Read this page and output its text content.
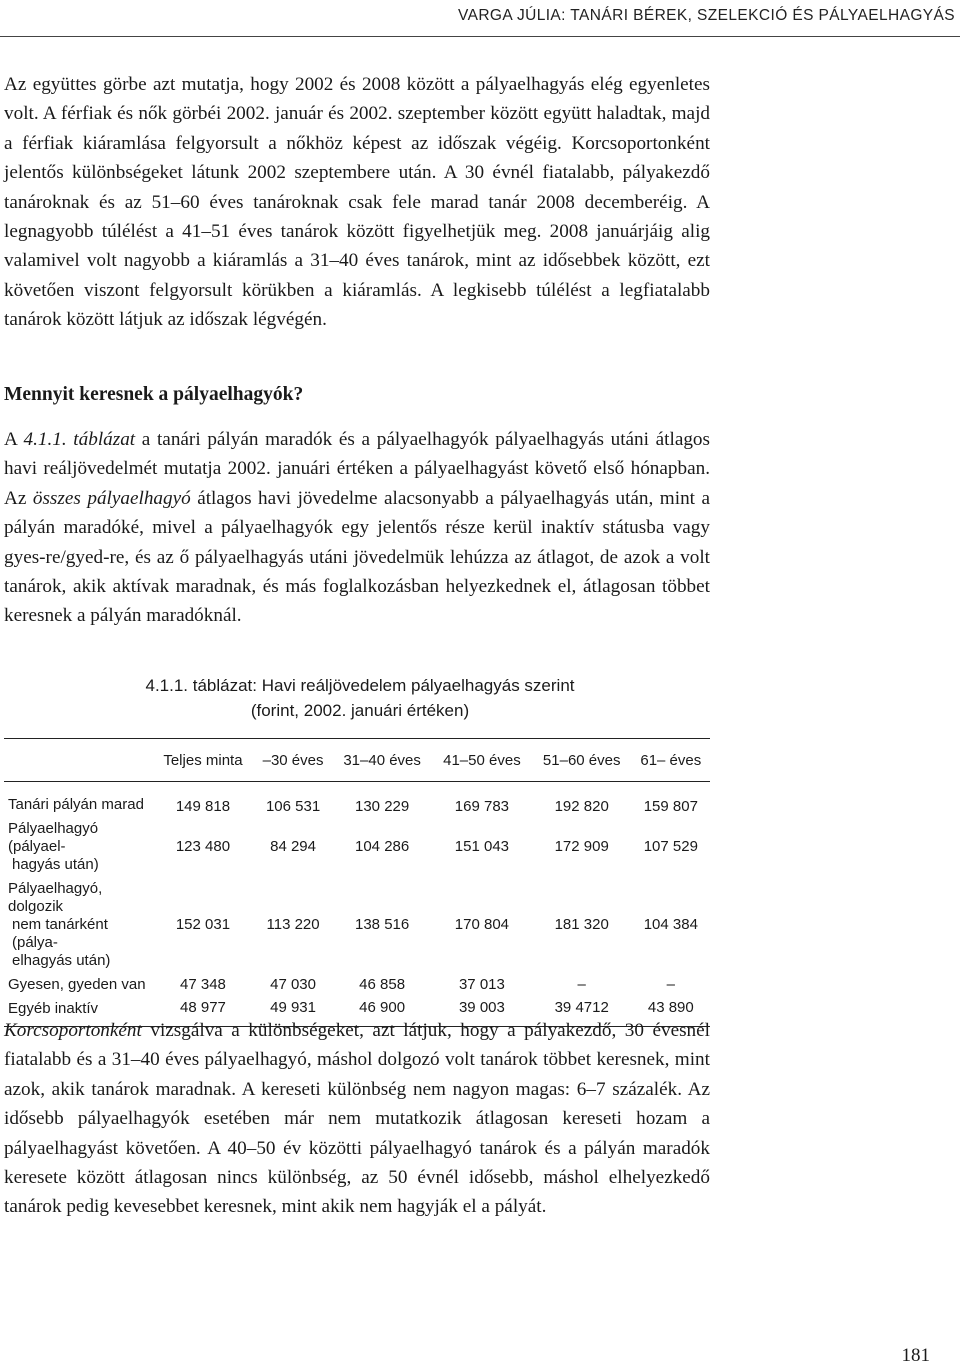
VARGA JÚLIA: TANÁRI BÉREK, SZELEKCIÓ ÉS PÁLYAELHAGYÁS

Az együttes görbe azt mutatja, hogy 2002 és 2008 között a pályaelhagyás elég egyenletes volt. A férfiak és nők görbéi 2002. január és 2002. szeptember között együtt haladtak, majd a férfiak kiáramlása felgyorsult a nőkhöz képest az időszak végéig. Korcsoportonként jelentős különbségeket látunk 2002 szeptembere után. A 30 évnél fiatalabb, pályakezdő tanároknak és az 51–60 éves tanároknak csak fele marad tanár 2008 decemberéig. A legnagyobb túlélést a 41–51 éves tanárok között figyelhetjük meg. 2008 januárjáig alig valamivel volt nagyobb a kiáramlás a 31–40 éves tanárok, mint az idősebbek között, ezt követően viszont felgyorsult körükben a kiáramlás. A legkisebb túlélést a legfiatalabb tanárok között látjuk az időszak légvégén.

Mennyit keresnek a pályaelhagyók?

A 4.1.1. táblázat a tanári pályán maradók és a pályaelhagyók pályaelhagyás utáni átlagos havi reáljövedelmét mutatja 2002. januári értéken a pályaelhagyást követő első hónapban. Az összes pályaelhagyó átlagos havi jövedelme alacsonyabb a pályaelhagyás után, mint a pályán maradóké, mivel a pályaelhagyók egy jelentős része kerül inaktív státusba vagy gyes-re/gyed-re, és az ő pályaelhagyás utáni jövedelmük lehúzza az átlagot, de azok a volt tanárok, akik aktívak maradnak, és más foglalkozásban helyezkednek el, átlagosan többet keresnek a pályán maradóknál.

4.1.1. táblázat: Havi reáljövedelem pályaelhagyás szerint
(forint, 2002. januári értéken)
	Teljes minta	–30 éves	31–40 éves	41–50 éves	51–60 éves	61– éves
Tanári pályán marad	149 818	106 531	130 229	169 783	192 820	159 807
Pályaelhagyó (pályael-
hagyás után)	123 480	84 294	104 286	151 043	172 909	107 529
Pályaelhagyó, dolgozik
nem tanárként (pálya-
elhagyás után)	152 031	113 220	138 516	170 804	181 320	104 384
Gyesen, gyeden van	47 348	47 030	46 858	37 013	–	–
Egyéb inaktív	48 977	49 931	46 900	39 003	39 4712	43 890

Korcsoportonként vizsgálva a különbségeket, azt látjuk, hogy a pályakezdő, 30 évesnél fiatalabb és a 31–40 éves pályaelhagyó, máshol dolgozó volt tanárok többet keresnek, mint azok, akik tanárok maradnak. A kereseti különbség nem nagyon magas: 6–7 százalék. Az idősebb pályaelhagyók esetében már nem mutatkozik átlagosan kereseti hozam a pályaelhagyást követően. A 40–50 év közötti pályaelhagyó tanárok és a pályán maradók keresete között átlagosan nincs különbség, az 50 évnél idősebb, máshol elhelyezkedő tanárok pedig kevesebbet keresnek, mint akik nem hagyják el a pályát.

181
